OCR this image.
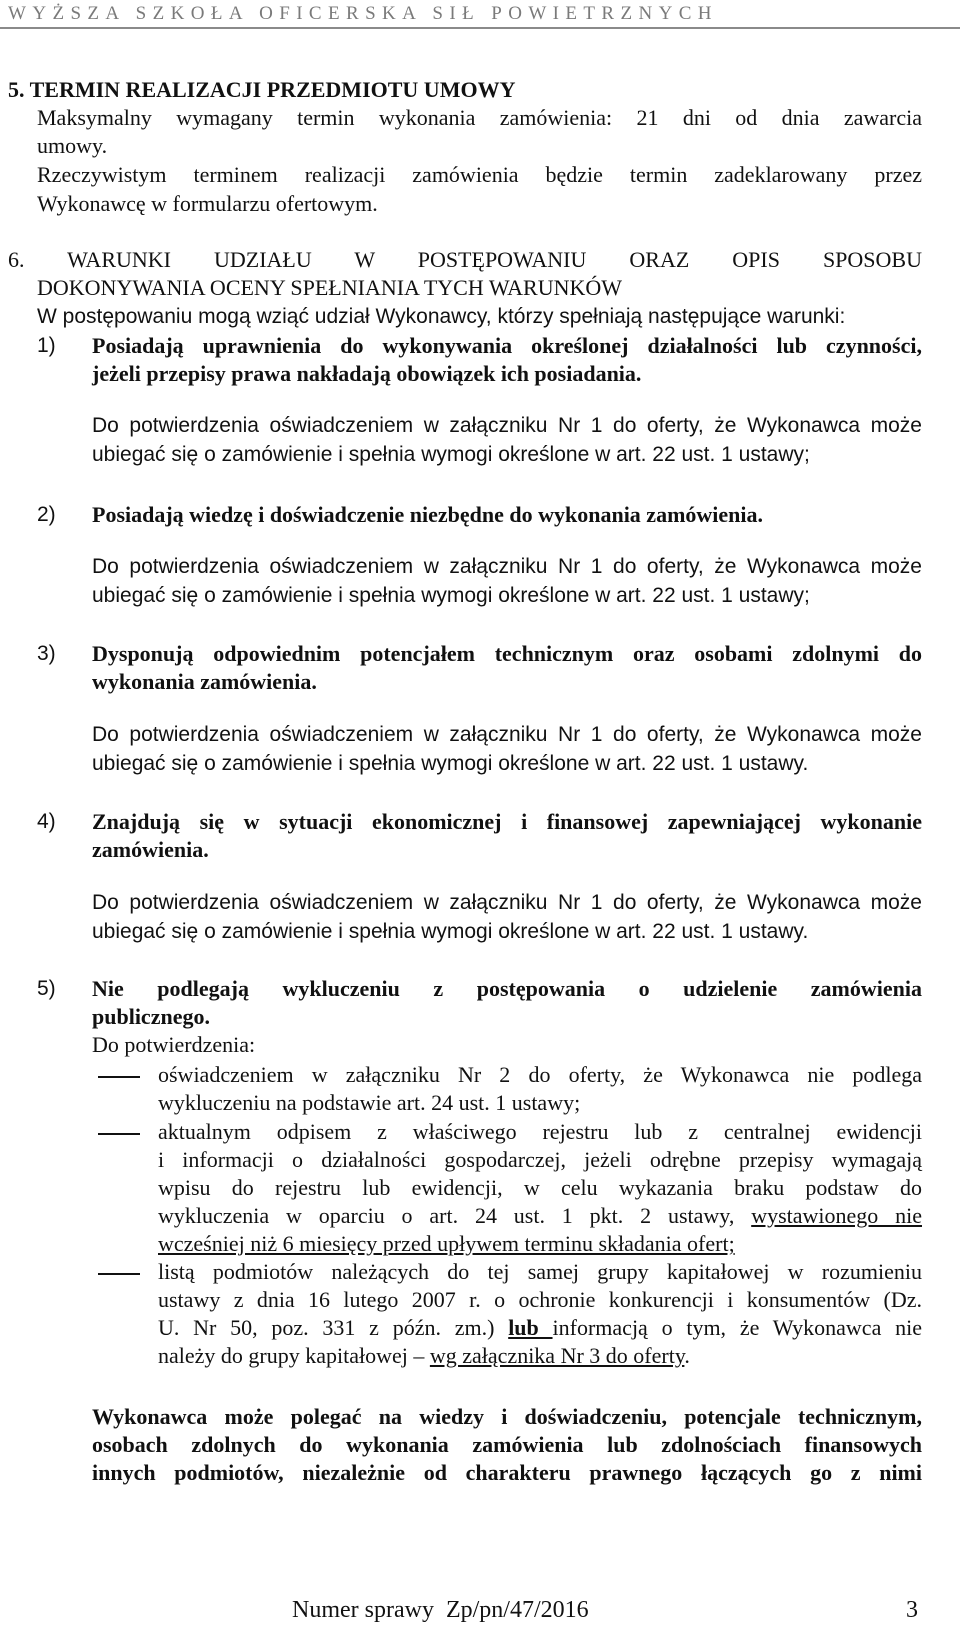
WYŻSZA SZKOŁA OFICERSKA SIŁ POWIETRZNYCH
5. TERMIN REALIZACJI PRZEDMIOTU UMOWY
Maksymalny wymagany termin wykonania zamówienia: 21 dni od dnia zawarcia
umowy.
Rzeczywistym terminem realizacji zamówienia będzie termin zadeklarowany przez
Wykonawcę w formularzu ofertowym.
6. WARUNKI UDZIAŁU W POSTĘPOWANIU ORAZ OPIS SPOSOBU
DOKONYWANIA OCENY SPEŁNIANIA TYCH WARUNKÓW
W postępowaniu mogą wziąć udział Wykonawcy, którzy spełniają następujące warunki:
1) Posiadają uprawnienia do wykonywania określonej działalności lub czynności,
jeżeli przepisy prawa nakładają obowiązek ich posiadania.
Do potwierdzenia oświadczeniem w załączniku Nr 1 do oferty, że Wykonawca może
ubiegać się o zamówienie i spełnia wymogi określone w art. 22 ust. 1 ustawy;
2) Posiadają wiedzę i doświadczenie niezbędne do wykonania zamówienia.
Do potwierdzenia oświadczeniem w załączniku Nr 1 do oferty, że Wykonawca może
ubiegać się o zamówienie i spełnia wymogi określone w art. 22 ust. 1 ustawy;
3) Dysponują odpowiednim potencjałem technicznym oraz osobami zdolnymi do
wykonania zamówienia.
Do potwierdzenia oświadczeniem w załączniku Nr 1 do oferty, że Wykonawca może
ubiegać się o zamówienie i spełnia wymogi określone w art. 22 ust. 1 ustawy.
4) Znajdują się w sytuacji ekonomicznej i finansowej zapewniającej wykonanie
zamówienia.
Do potwierdzenia oświadczeniem w załączniku Nr 1 do oferty, że Wykonawca może
ubiegać się o zamówienie i spełnia wymogi określone w art. 22 ust. 1 ustawy.
5) Nie podlegają wykluczeniu z postępowania o udzielenie zamówienia
publicznego.
Do potwierdzenia:
oświadczeniem w załączniku Nr 2 do oferty, że Wykonawca nie podlega
wykluczeniu na podstawie art. 24 ust. 1 ustawy;
aktualnym odpisem z właściwego rejestru lub z centralnej ewidencji
i informacji o działalności gospodarczej, jeżeli odrębne przepisy wymagają
wpisu do rejestru lub ewidencji, w celu wykazania braku podstaw do
wykluczenia w oparciu o art. 24 ust. 1 pkt. 2 ustawy, wystawionego nie
wcześniej niż 6 miesięcy przed upływem terminu składania ofert;
listą podmiotów należących do tej samej grupy kapitałowej w rozumieniu
ustawy z dnia 16 lutego 2007 r. o ochronie konkurencji i konsumentów (Dz.
U. Nr 50, poz. 331 z późn. zm.) lub informacją o tym, że Wykonawca nie
należy do grupy kapitałowej – wg załącznika Nr 3 do oferty.
Wykonawca może polegać na wiedzy i doświadczeniu, potencjale technicznym,
osobach zdolnych do wykonania zamówienia lub zdolnościach finansowych
innych podmiotów, niezależnie od charakteru prawnego łączących go z nimi
Numer sprawy  Zp/pn/47/2016	3
